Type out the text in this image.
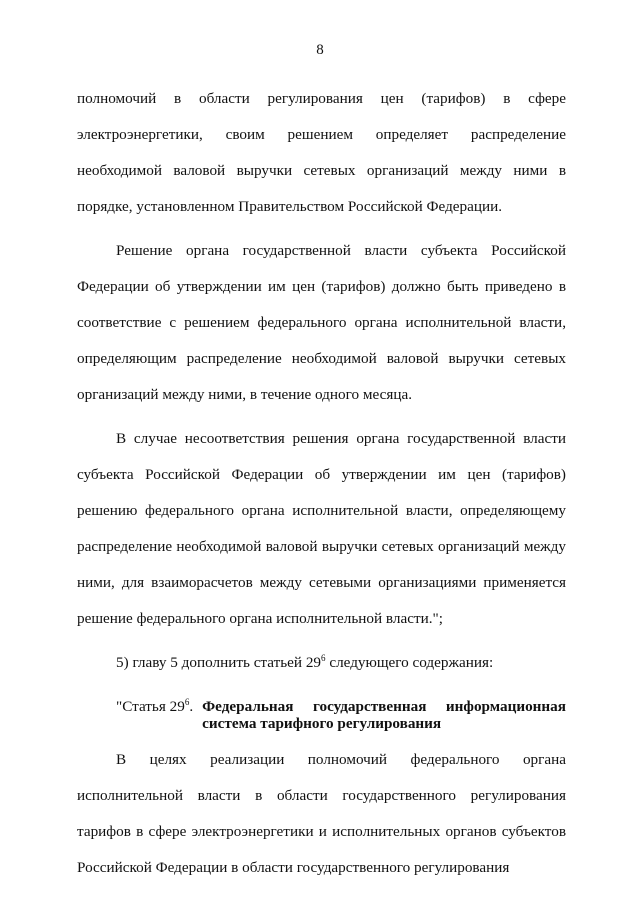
8

полномочий в области регулирования цен (тарифов) в сфере электроэнергетики, своим решением определяет распределение необходимой валовой выручки сетевых организаций между ними в порядке, установленном Правительством Российской Федерации.

Решение органа государственной власти субъекта Российской Федерации об утверждении им цен (тарифов) должно быть приведено в соответствие с решением федерального органа исполнительной власти, определяющим распределение необходимой валовой выручки сетевых организаций между ними, в течение одного месяца.

В случае несоответствия решения органа государственной власти субъекта Российской Федерации об утверждении им цен (тарифов) решению федерального органа исполнительной власти, определяющему распределение необходимой валовой выручки сетевых организаций между ними, для взаиморасчетов между сетевыми организациями применяется решение федерального органа исполнительной власти.";

5) главу 5 дополнить статьей $29^6$ следующего содержания:

"Статья $29^6$. Федеральная государственная информационная
система тарифного регулирования

В целях реализации полномочий федерального органа исполнительной власти в области государственного регулирования тарифов в сфере электроэнергетики и исполнительных органов субъектов Российской Федерации в области государственного регулирования
